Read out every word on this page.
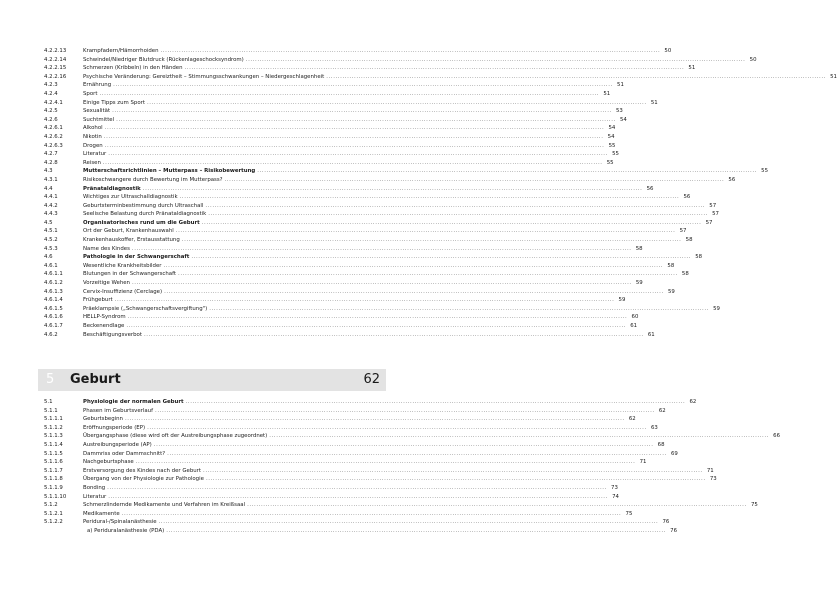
4.2.2.13	Krampfadern/Hämorrhoiden .....	50
4.2.2.14	Schwindel/Niedriger Blutdruck (Rückenlageschocksyndrom) .....	50
4.2.2.15	Schmerzen (Kribbeln) in den Händen .....	51
4.2.2.16	Psychische Veränderung: Gereiztheit – Stimmungsschwankungen – Niedergeschlagenheit .....	51
4.2.3	Ernährung .....	51
4.2.4	Sport .....	51
4.2.4.1	Einige Tipps zum Sport .....	51
4.2.5	Sexualität .....	53
4.2.6	Suchtmittel .....	54
4.2.6.1	Alkohol .....	54
4.2.6.2	Nikotin .....	54
4.2.6.3	Drogen .....	55
4.2.7	Literatur .....	55
4.2.8	Reisen .....	55
4.3	Mutterschaftsrichtlinien – Mutterpass – Risikobewertung .....	55
4.3.1	Risikoschwangere durch Bewertung im Mutterpass? .....	56
4.4	Pränataldiagnostik .....	56
4.4.1	Wichtiges zur Ultraschalldiagnostik .....	56
4.4.2	Geburtsterminbestimmung durch Ultraschall .....	57
4.4.3	Seelische Belastung durch Pränataldiagnostik .....	57
4.5	Organisatorisches rund um die Geburt .....	57
4.5.1	Ort der Geburt, Krankenhauswahl .....	57
4.5.2	Krankenhauskoffer, Erstausstattung .....	58
4.5.3	Name des Kindes .....	58
4.6	Pathologie in der Schwangerschaft .....	58
4.6.1	Wesentliche Krankheitsbilder .....	58
4.6.1.1	Blutungen in der Schwangerschaft .....	58
4.6.1.2	Vorzeitige Wehen .....	59
4.6.1.3	Cervix-Insuffizienz (Cerclage) .....	59
4.6.1.4	Frühgeburt .....	59
4.6.1.5	Präeklampsie („Schwangerschaftsvergiftung") .....	59
4.6.1.6	HELLP-Syndrom .....	60
4.6.1.7	Beckenendlage .....	61
4.6.2	Beschäftigungsverbot .....	61
5 Geburt	62
5.1	Physiologie der normalen Geburt .....	62
5.1.1	Phasen im Geburtsverlauf .....	62
5.1.1.1	Geburtsbeginn .....	62
5.1.1.2	Eröffnungsperiode (EP) .....	63
5.1.1.3	Übergangsphase (diese wird oft der Austreibungsphase zugeordnet) .....	66
5.1.1.4	Austreibungsperiode (AP) .....	68
5.1.1.5	Dammriss oder Dammschnitt? .....	69
5.1.1.6	Nachgeburtsphase .....	71
5.1.1.7	Erstversorgung des Kindes nach der Geburt .....	71
5.1.1.8	Übergang von der Physiologie zur Pathologie .....	73
5.1.1.9	Bonding .....	73
5.1.1.10	Literatur .....	74
5.1.2	Schmerzlindernde Medikamente und Verfahren im Kreißsaal .....	75
5.1.2.1	Medikamente .....	75
5.1.2.2	Peridural-/Spinalanästhesie .....	76
a) Periduralanästhesie (PDA) .....	76
